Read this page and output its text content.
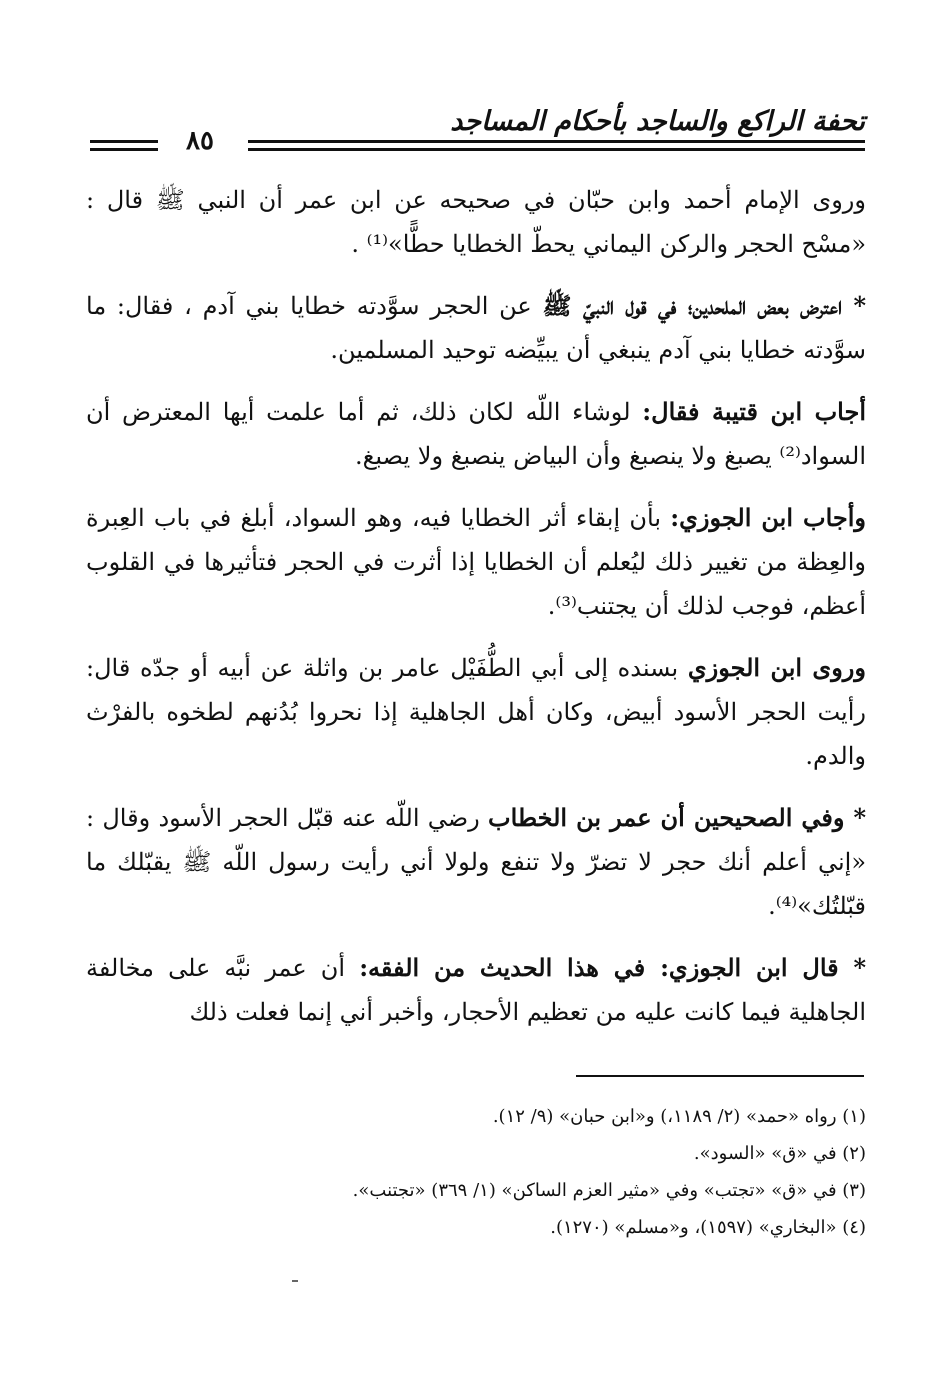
تحفة الراكع والساجد بأحكام المساجد
٨٥

وروى الإمام أحمد وابن حبّان في صحيحه عن ابن عمر أن النبي ﷺ قال : «مسْح الحجر والركن اليماني يحطّ الخطايا حطًّا»⁽¹⁾ .

* اعترض بعض الملحدين؛ في قول النبيّ ﷺ عن الحجر سوَّدته خطايا بني آدم ، فقال: ما سوَّدته خطايا بني آدم ينبغي أن يبيِّضه توحيد المسلمين.

أجاب ابن قتيبة فقال: لوشاء اللّه لكان ذلك، ثم أما علمت أيها المعترض أن السواد⁽²⁾ يصبغ ولا ينصبغ وأن البياض ينصبغ ولا يصبغ.

وأجاب ابن الجوزي: بأن إبقاء أثر الخطايا فيه، وهو السواد، أبلغ في باب العِبرة والعِظة من تغيير ذلك ليُعلم أن الخطايا إذا أثرت في الحجر فتأثيرها في القلوب أعظم، فوجب لذلك أن يجتنب⁽³⁾.

وروى ابن الجوزي بسنده إلى أبي الطُّفَيْل عامر بن واثلة عن أبيه أو جدّه قال: رأيت الحجر الأسود أبيض، وكان أهل الجاهلية إذا نحروا بُدُنهم لطخوه بالفرْث والدم.

* وفي الصحيحين أن عمر بن الخطاب رضي اللّه عنه قبّل الحجر الأسود وقال : «إني أعلم أنك حجر لا تضرّ ولا تنفع ولولا أني رأيت رسول اللّه ﷺ يقبّلك ما قبّلتُك»⁽⁴⁾.

* قال ابن الجوزي: في هذا الحديث من الفقه: أن عمر نبَّه على مخالفة الجاهلية فيما كانت عليه من تعظيم الأحجار، وأخبر أني إنما فعلت ذلك

(١) رواه «حمد» (٢/ ١١٨٩،) و«ابن حبان» (٩/ ١٢).

(٢) في «ق» «السود».

(٣) في «ق» «تجتب» وفي «مثير العزم الساكن» (١/ ٣٦٩) «تجتنب».

(٤) «البخاري» (١٥٩٧)، و«مسلم» (١٢٧٠).
